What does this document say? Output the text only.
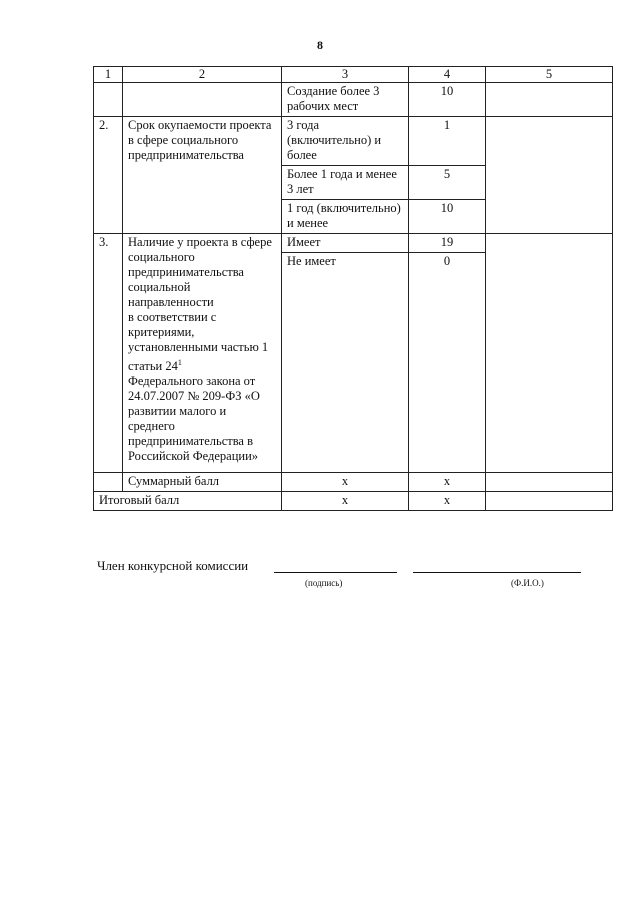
8
1	2	3	4	5
		Создание более 3 рабочих мест	10	
2.	Срок окупаемости проекта в сфере социального предпринимательства	3 года (включительно) и более	1	
		Более 1 года и менее 3 лет	5	
		1 год (включительно) и менее	10	
3.	Наличие у проекта в сфере социального предпринимательства социальной направленности
в соответствии с критериями, установленными частью 1 статьи $24^1$
Федерального закона от 24.07.2007 № 209-ФЗ «О развитии малого и среднего предпринимательства в Российской Федерации»	Имеет	19	
		Не имеет	0	
	Суммарный балл	х	х	
Итоговый балл		х	х	
Член конкурсной комиссии
(подпись)	(Ф.И.О.)
